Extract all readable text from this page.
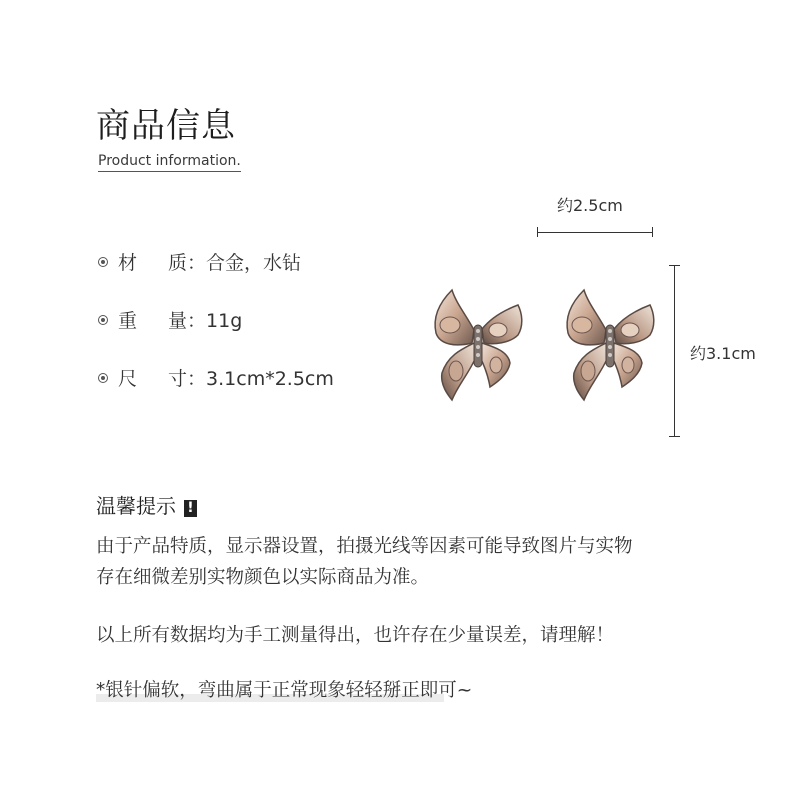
商品信息
Product information.
材 质：合金，水钻
重 量：11g
尺 寸：3.1cm*2.5cm
约2.5cm
约3.1cm
温馨提示 !
由于产品特质，显示器设置，拍摄光线等因素可能导致图片与实物
存在细微差别实物颜色以实际商品为准。
以上所有数据均为手工测量得出，也许存在少量误差，请理解！
*银针偏软，弯曲属于正常现象轻轻掰正即可~
